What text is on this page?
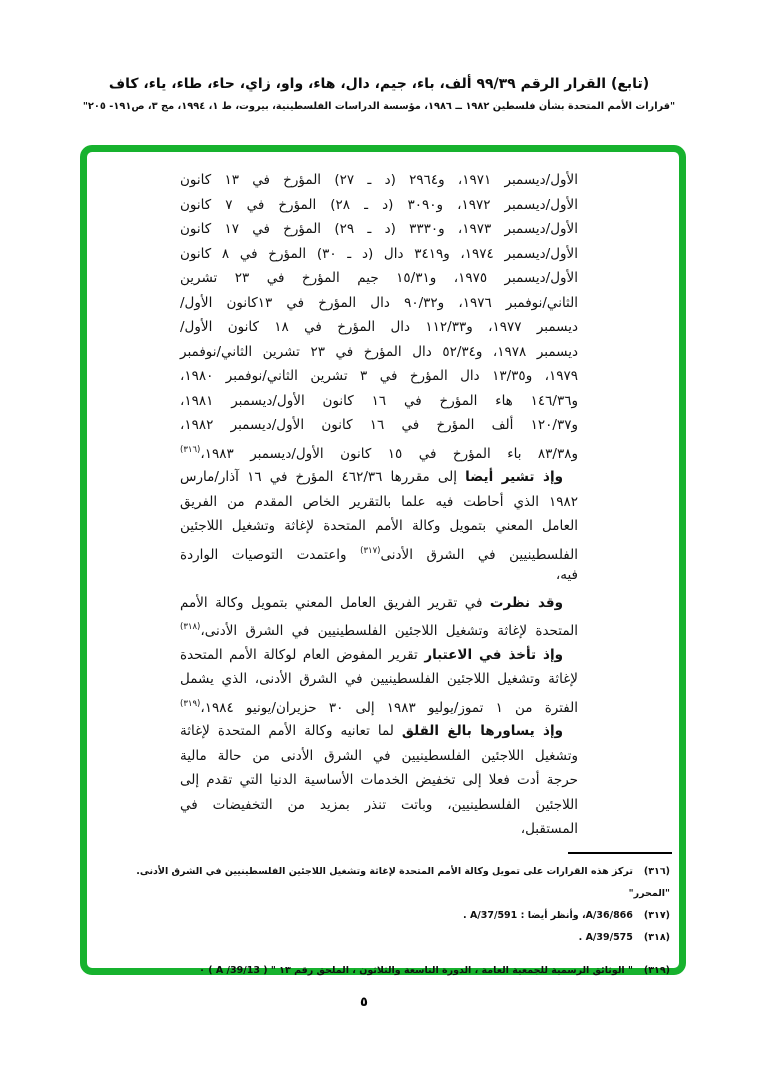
(تابع) القرار الرقم ٩٩/٣٩ ألف، باء، جيم، دال، هاء، واو، زاي، حاء، طاء، ياء، كاف
"قرارات الأمم المتحدة بشأن فلسطين ١٩٨٢ ــ ١٩٨٦، مؤسسة الدراسات الفلسطينية، بيروت، ط ١، ١٩٩٤، مج ٣، ص١٩١- ٢٠٥"
الأول/ديسمبر ١٩٧١، و٢٩٦٤ (د ـ ٢٧) المؤرخ في ١٣ كانون
الأول/ديسمبر ١٩٧٢، و٣٠٩٠ (د ـ ٢٨) المؤرخ في ٧ كانون
الأول/ديسمبر ١٩٧٣، و٣٣٣٠ (د ـ ٢٩) المؤرخ في ١٧ كانون
الأول/ديسمبر ١٩٧٤، و٣٤١٩ دال (د ـ ٣٠) المؤرخ في ٨ كانون
الأول/ديسمبر ١٩٧٥، و١٥/٣١ جيم المؤرخ في ٢٣ تشرين
الثاني/نوفمبر ١٩٧٦، و٩٠/٣٢ دال المؤرخ في ١٣كانون الأول/
ديسمبر ١٩٧٧، و١١٢/٣٣ دال المؤرخ في ١٨ كانون الأول/
ديسمبر ١٩٧٨، و٥٢/٣٤ دال المؤرخ في ٢٣ تشرين الثاني/نوفمبر
١٩٧٩، و١٣/٣٥ دال المؤرخ في ٣ تشرين الثاني/نوفمبر ١٩٨٠،
و١٤٦/٣٦ هاء المؤرخ في ١٦ كانون الأول/ديسمبر ١٩٨١،
و١٢٠/٣٧ ألف المؤرخ في ١٦ كانون الأول/ديسمبر ١٩٨٢،
و٨٣/٣٨ باء المؤرخ في ١٥ كانون الأول/ديسمبر ١٩٨٣،$^{(٣١٦)}$
وإذ تشير أيضا إلى مقررها ٤٦٢/٣٦ المؤرخ في ١٦ آذار/مارس
١٩٨٢ الذي أحاطت فيه علما بالتقرير الخاص المقدم من الفريق
العامل المعني بتمويل وكالة الأمم المتحدة لإغاثة وتشغيل اللاجئين
الفلسطينيين في الشرق الأدنى$^{(٣١٧)}$ واعتمدت التوصيات الواردة
فيه،
وقد نظرت في تقرير الفريق العامل المعني بتمويل وكالة الأمم
المتحدة لإغاثة وتشغيل اللاجئين الفلسطينيين في الشرق الأدنى،$^{(٣١٨)}$
وإذ تأخذ في الاعتبار تقرير المفوض العام لوكالة الأمم المتحدة
لإغاثة وتشغيل اللاجئين الفلسطينيين في الشرق الأدنى، الذي يشمل
الفترة من ١ تموز/يوليو ١٩٨٣ إلى ٣٠ حزيران/يونيو ١٩٨٤،$^{(٣١٩)}$
وإذ يساورها بالغ القلق لما تعانيه وكالة الأمم المتحدة لإغاثة
وتشغيل اللاجئين الفلسطينيين في الشرق الأدنى من حالة مالية
حرجة أدت فعلا إلى تخفيض الخدمات الأساسية الدنيا التي تقدم إلى
اللاجئين الفلسطينيين، وباتت تنذر بمزيد من التخفيضات في
المستقبل،
(٣١٦)تركز هذه القرارات على تمويل وكالة الأمم المتحدة لإغاثة وتشغيل اللاجئين الفلسطينيين في الشرق الأدنى. "المحرر"
(٣١٧)A/36/866، وأنظر أيضا : A/37/591 .
(٣١٨)A/39/575 .
(٣١٩)" الوثائق الرسمية للجمعية العامة ، الدورة التاسعة والثلاثون ، الملحق رقم ١٣ " ( A /39/13 ) ٠
٥
